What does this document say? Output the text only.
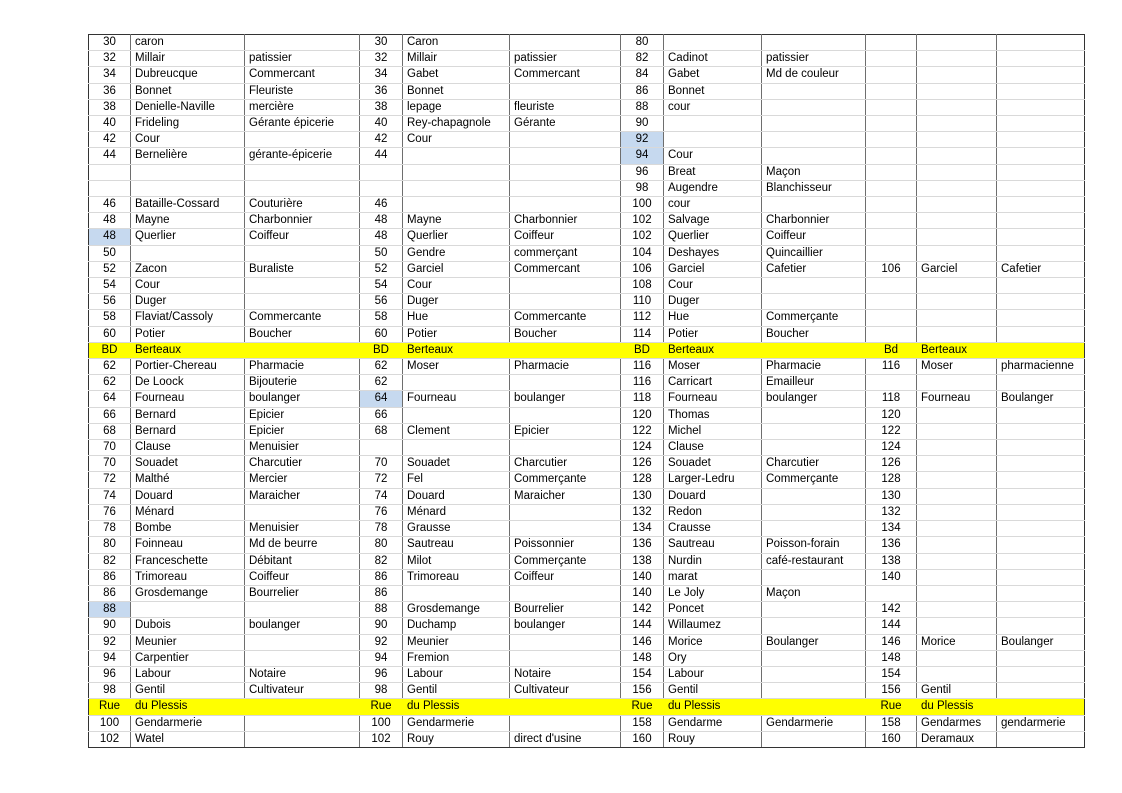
30	caron		30	Caron		80					
32	Millair	patissier	32	Millair	patissier	82	Cadinot	patissier			
34	Dubreucque	Commercant	34	Gabet	Commercant	84	Gabet	Md de couleur			
36	Bonnet	Fleuriste	36	Bonnet		86	Bonnet				
38	Denielle-Naville	mercière	38	lepage	fleuriste	88	cour				
40	Frideling	Gérante épicerie	40	Rey-chapagnole	Gérante	90					
42	Cour		42	Cour		92					
44	Bernelière	gérante-épicerie	44			94	Cour				
						96	Breat	Maçon			
						98	Augendre	Blanchisseur			
46	Bataille-Cossard	Couturière	46			100	cour				
48	Mayne	Charbonnier	48	Mayne	Charbonnier	102	Salvage	Charbonnier			
48	Querlier	Coiffeur	48	Querlier	Coiffeur	102	Querlier	Coiffeur			
50			50	Gendre	commerçant	104	Deshayes	Quincaillier			
52	Zacon	Buraliste	52	Garciel	Commercant	106	Garciel	Cafetier	106	Garciel	Cafetier
54	Cour		54	Cour		108	Cour				
56	Duger		56	Duger		110	Duger				
58	Flaviat/Cassoly	Commercante	58	Hue	Commercante	112	Hue	Commerçante			
60	Potier	Boucher	60	Potier	Boucher	114	Potier	Boucher			
BD	Berteaux		BD	Berteaux		BD	Berteaux		Bd	Berteaux	
62	Portier-Chereau	Pharmacie	62	Moser	Pharmacie	116	Moser	Pharmacie	116	Moser	pharmacienne
62	De Loock	Bijouterie	62			116	Carricart	Emailleur			
64	Fourneau	boulanger	64	Fourneau	boulanger	118	Fourneau	boulanger	118	Fourneau	Boulanger
66	Bernard	Epicier	66			120	Thomas		120		
68	Bernard	Epicier	68	Clement	Epicier	122	Michel		122		
70	Clause	Menuisier				124	Clause		124		
70	Souadet	Charcutier	70	Souadet	Charcutier	126	Souadet	Charcutier	126		
72	Malthé	Mercier	72	Fel	Commerçante	128	Larger-Ledru	Commerçante	128		
74	Douard	Maraicher	74	Douard	Maraicher	130	Douard		130		
76	Ménard		76	Ménard		132	Redon		132		
78	Bombe	Menuisier	78	Grausse		134	Crausse		134		
80	Foinneau	Md de beurre	80	Sautreau	Poissonnier	136	Sautreau	Poisson-forain	136		
82	Franceschette	Débitant	82	Milot	Commerçante	138	Nurdin	café-restaurant	138		
86	Trimoreau	Coiffeur	86	Trimoreau	Coiffeur	140	marat		140		
86	Grosdemange	Bourrelier	86			140	Le Joly	Maçon			
88			88	Grosdemange	Bourrelier	142	Poncet		142		
90	Dubois	boulanger	90	Duchamp	boulanger	144	Willaumez		144		
92	Meunier		92	Meunier		146	Morice	Boulanger	146	Morice	Boulanger
94	Carpentier		94	Fremion		148	Ory		148		
96	Labour	Notaire	96	Labour	Notaire	154	Labour		154		
98	Gentil	Cultivateur	98	Gentil	Cultivateur	156	Gentil		156	Gentil	
Rue	du Plessis		Rue	du Plessis		Rue	du Plessis		Rue	du Plessis	
100	Gendarmerie		100	Gendarmerie		158	Gendarme	Gendarmerie	158	Gendarmes	gendarmerie
102	Watel		102	Rouy	direct d'usine	160	Rouy		160	Deramaux	
